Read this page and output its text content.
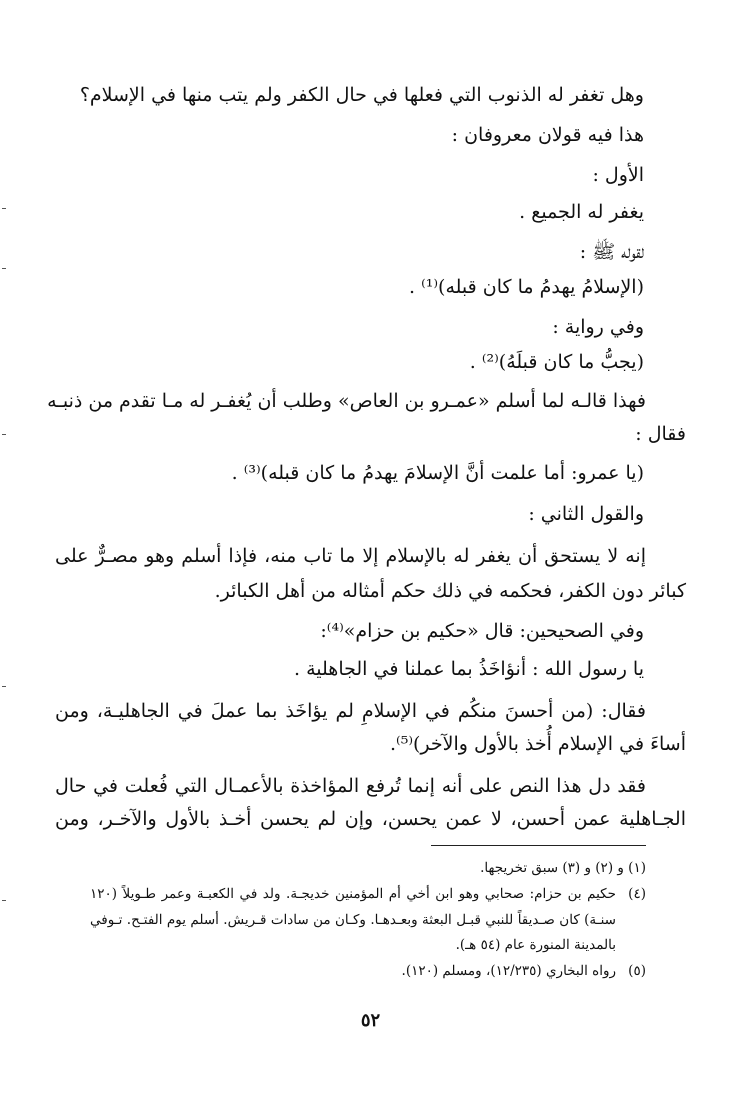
وهل تغفر له الذنوب التي فعلها في حال الكفر ولم يتب منها في الإسلام؟
هذا فيه قولان معروفان :
الأول :
يغفر له الجميع .
لقوله ﷺ :
(الإسلامُ يهدمُ ما كان قبله)⁽¹⁾ .
وفي رواية :
(يجبُّ ما كان قبلَهُ)⁽²⁾ .
فهذا قالـه لما أسلم «عمـرو بن العاص» وطلب أن يُغفـر له مـا تقدم من ذنبـه
فقال :
(يا عمرو: أما علمت أنَّ الإسلامَ يهدمُ ما كان قبله)⁽³⁾ .
والقول الثاني :
إنه لا يستحق أن يغفر له بالإسلام إلا ما تاب منه، فإذا أسلم وهو مصـرٌّ على
كبائر دون الكفر، فحكمه في ذلك حكم أمثاله من أهل الكبائر.
وفي الصحيحين: قال «حكيم بن حزام»⁽⁴⁾:
يا رسول الله : أنؤاخَذُ بما عملنا في الجاهلية .
فقال: (من أحسنَ منكُم في الإسلامِ لم يؤاخَذ بما عملَ في الجاهليـة، ومن
أساءَ في الإسلام أُخذ بالأول والآخر)⁽⁵⁾.
فقد دل هذا النص على أنه إنما تُرفع المؤاخذة بالأعمـال التي فُعلت في حال
الجـاهلية عمن أحسن، لا عمن يحسن، وإن لم يحسن أخـذ بالأول والآخـر، ومن
(١) و (٢) و (٣) سبق تخريجها.
(٤)
حكيم بن حزام: صحابي وهو ابن أخي أم المؤمنين خديجـة. ولد في الكعبـة وعمر طـويلاً (١٢٠
سنـة) كان صـديقاً للنبي قبـل البعثة وبعـدهـا. وكـان من سادات قـريش. أسلم يوم الفتـح. تـوفي
بالمدينة المنورة عام (٥٤ هـ).
(٥)
رواه البخاري (١٢/٢٣٥)، ومسلم (١٢٠).
٥٢
